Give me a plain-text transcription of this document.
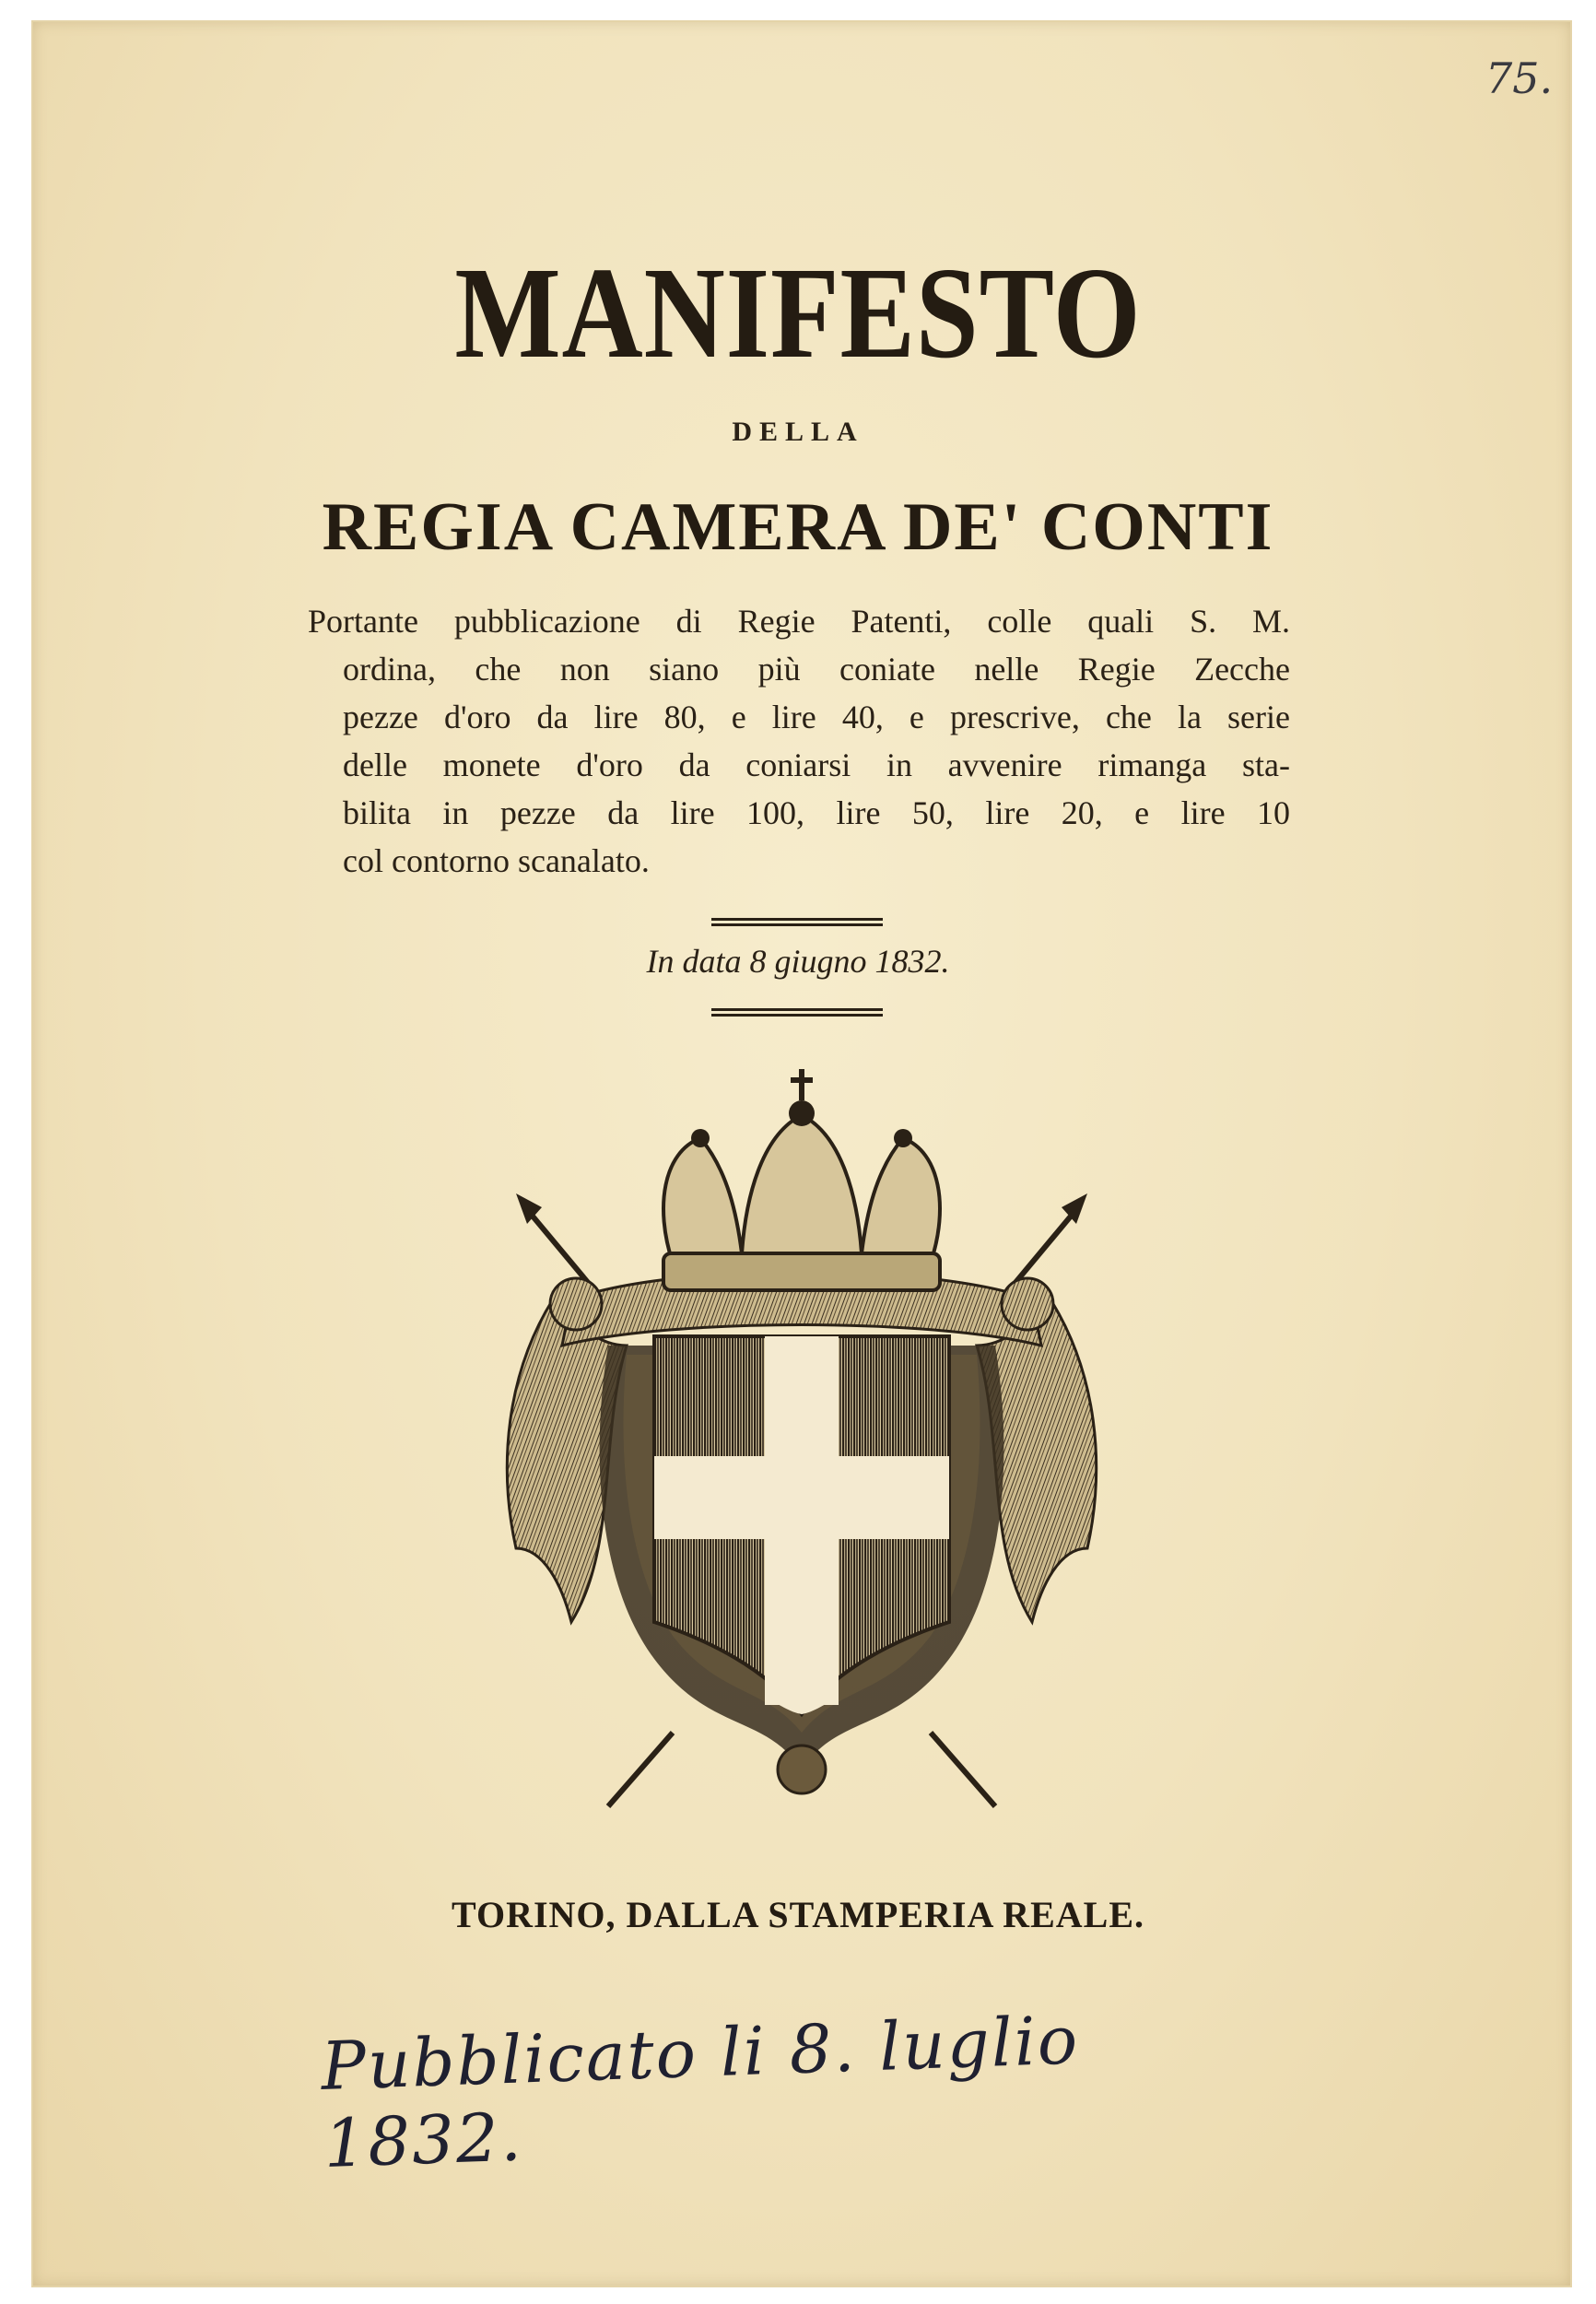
75.
MANIFESTO
DELLA
REGIA CAMERA DE' CONTI
Portante pubblicazione di Regie Patenti, colle quali S. M.
ordina, che non siano più coniate nelle Regie Zecche
pezze d'oro da lire 80, e lire 40, e prescrive, che la serie
delle monete d'oro da coniarsi in avvenire rimanga sta-
bilita in pezze da lire 100, lire 50, lire 20, e lire 10
col contorno scanalato.
In data 8 giugno 1832.
TORINO, DALLA STAMPERIA REALE.
Pubblicato li 8. luglio 1832.
